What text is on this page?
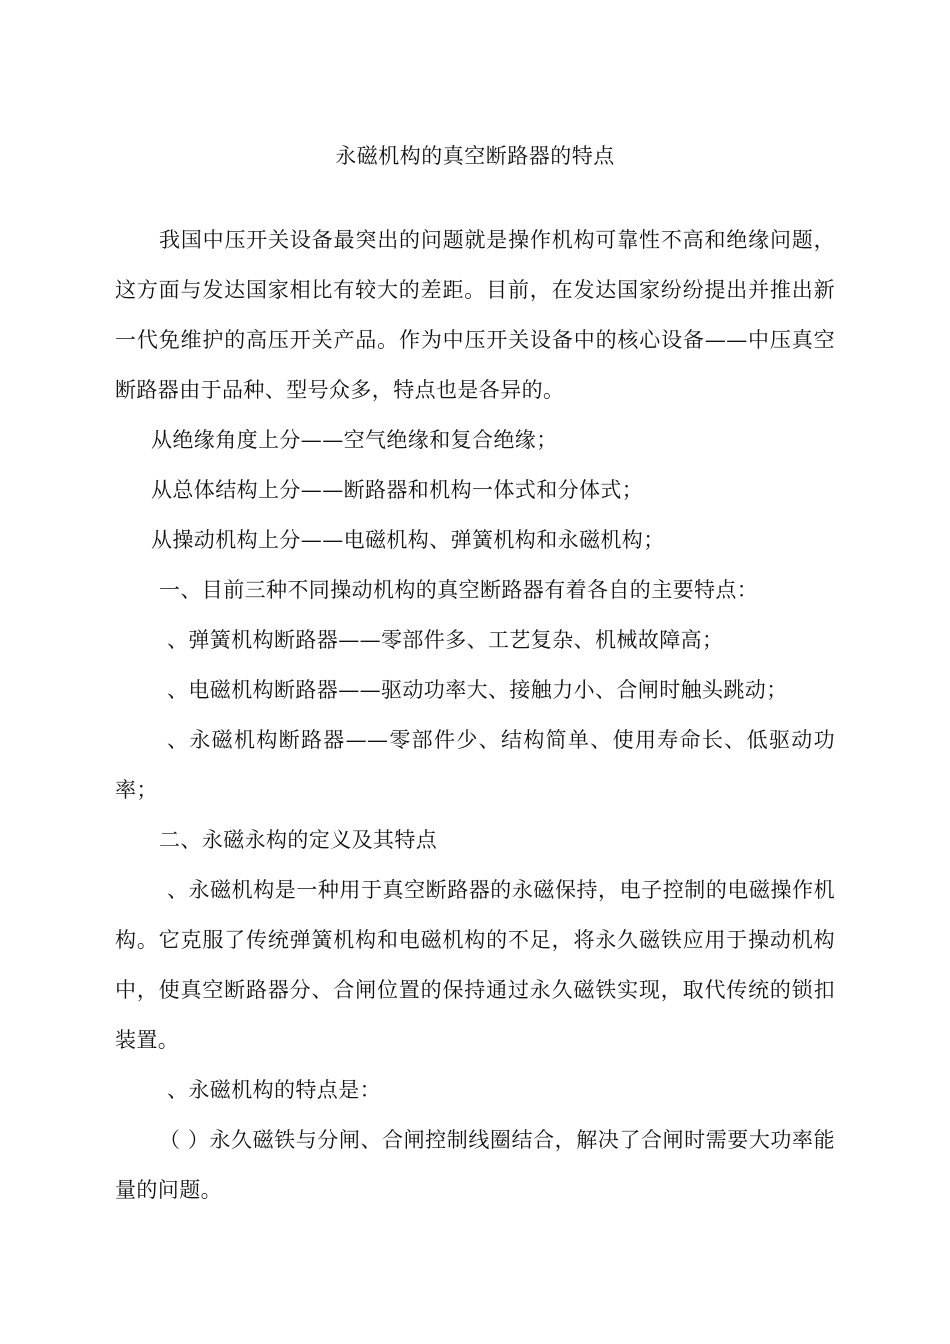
永磁机构的真空断路器的特点

我国中压开关设备最突出的问题就是操作机构可靠性不高和绝缘问题，这方面与发达国家相比有较大的差距。目前，在发达国家纷纷提出并推出新一代免维护的高压开关产品。作为中压开关设备中的核心设备——中压真空断路器由于品种、型号众多，特点也是各异的。

从绝缘角度上分——空气绝缘和复合绝缘；

从总体结构上分——断路器和机构一体式和分体式；

从操动机构上分——电磁机构、弹簧机构和永磁机构；

一、目前三种不同操动机构的真空断路器有着各自的主要特点：

、弹簧机构断路器——零部件多、工艺复杂、机械故障高；

、电磁机构断路器——驱动功率大、接触力小、合闸时触头跳动；

、永磁机构断路器——零部件少、结构简单、使用寿命长、低驱动功率；

二、永磁永构的定义及其特点

、永磁机构是一种用于真空断路器的永磁保持，电子控制的电磁操作机构。它克服了传统弹簧机构和电磁机构的不足，将永久磁铁应用于操动机构中，使真空断路器分、合闸位置的保持通过永久磁铁实现，取代传统的锁扣装置。

、永磁机构的特点是：

（ ）永久磁铁与分闸、合闸控制线圈结合，解决了合闸时需要大功率能量的问题。
